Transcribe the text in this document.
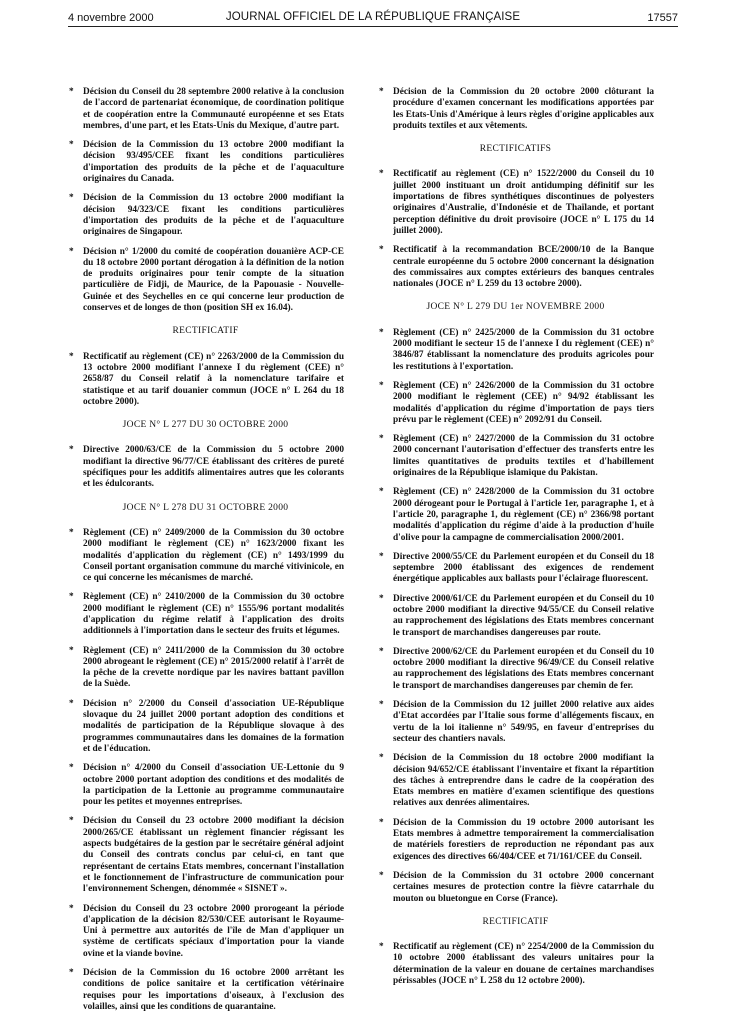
4 novembre 2000	JOURNAL OFFICIEL DE LA RÉPUBLIQUE FRANÇAISE	17557
* Décision du Conseil du 28 septembre 2000 relative à la conclusion de l'accord de partenariat économique, de coordination politique et de coopération entre la Communauté européenne et ses Etats membres, d'une part, et les Etats-Unis du Mexique, d'autre part.
* Décision de la Commission du 13 octobre 2000 modifiant la décision 93/495/CEE fixant les conditions particulières d'importation des produits de la pêche et de l'aquaculture originaires du Canada.
* Décision de la Commission du 13 octobre 2000 modifiant la décision 94/323/CE fixant les conditions particulières d'importation des produits de la pêche et de l'aquaculture originaires de Singapour.
* Décision n° 1/2000 du comité de coopération douanière ACP-CE du 18 octobre 2000 portant dérogation à la définition de la notion de produits originaires pour tenir compte de la situation particulière de Fidji, de Maurice, de la Papouasie - Nouvelle-Guinée et des Seychelles en ce qui concerne leur production de conserves et de longes de thon (position SH ex 16.04).
RECTIFICATIF
* Rectificatif au règlement (CE) n° 2263/2000 de la Commission du 13 octobre 2000 modifiant l'annexe I du règlement (CEE) n° 2658/87 du Conseil relatif à la nomenclature tarifaire et statistique et au tarif douanier commun (JOCE n° L 264 du 18 octobre 2000).
JOCE N° L 277 DU 30 OCTOBRE 2000
* Directive 2000/63/CE de la Commission du 5 octobre 2000 modifiant la directive 96/77/CE établissant des critères de pureté spécifiques pour les additifs alimentaires autres que les colorants et les édulcorants.
JOCE N° L 278 DU 31 OCTOBRE 2000
* Règlement (CE) n° 2409/2000 de la Commission du 30 octobre 2000 modifiant le règlement (CE) n° 1623/2000 fixant les modalités d'application du règlement (CE) n° 1493/1999 du Conseil portant organisation commune du marché vitivinicole, en ce qui concerne les mécanismes de marché.
* Règlement (CE) n° 2410/2000 de la Commission du 30 octobre 2000 modifiant le règlement (CE) n° 1555/96 portant modalités d'application du régime relatif à l'application des droits additionnels à l'importation dans le secteur des fruits et légumes.
* Règlement (CE) n° 2411/2000 de la Commission du 30 octobre 2000 abrogeant le règlement (CE) n° 2015/2000 relatif à l'arrêt de la pêche de la crevette nordique par les navires battant pavillon de la Suède.
* Décision n° 2/2000 du Conseil d'association UE-République slovaque du 24 juillet 2000 portant adoption des conditions et modalités de participation de la République slovaque à des programmes communautaires dans les domaines de la formation et de l'éducation.
* Décision n° 4/2000 du Conseil d'association UE-Lettonie du 9 octobre 2000 portant adoption des conditions et des modalités de la participation de la Lettonie au programme communautaire pour les petites et moyennes entreprises.
* Décision du Conseil du 23 octobre 2000 modifiant la décision 2000/265/CE établissant un règlement financier régissant les aspects budgétaires de la gestion par le secrétaire général adjoint du Conseil des contrats conclus par celui-ci, en tant que représentant de certains Etats membres, concernant l'installation et le fonctionnement de l'infrastructure de communication pour l'environnement Schengen, dénommée « SISNET ».
* Décision du Conseil du 23 octobre 2000 prorogeant la période d'application de la décision 82/530/CEE autorisant le Royaume-Uni à permettre aux autorités de l'île de Man d'appliquer un système de certificats spéciaux d'importation pour la viande ovine et la viande bovine.
* Décision de la Commission du 16 octobre 2000 arrêtant les conditions de police sanitaire et la certification vétérinaire requises pour les importations d'oiseaux, à l'exclusion des volailles, ainsi que les conditions de quarantaine.
* Décision de la Commission du 20 octobre 2000 clôturant la procédure d'examen concernant les modifications apportées par les Etats-Unis d'Amérique à leurs règles d'origine applicables aux produits textiles et aux vêtements.
RECTIFICATIFS
* Rectificatif au règlement (CE) n° 1522/2000 du Conseil du 10 juillet 2000 instituant un droit antidumping définitif sur les importations de fibres synthétiques discontinues de polyesters originaires d'Australie, d'Indonésie et de Thaïlande, et portant perception définitive du droit provisoire (JOCE n° L 175 du 14 juillet 2000).
* Rectificatif à la recommandation BCE/2000/10 de la Banque centrale européenne du 5 octobre 2000 concernant la désignation des commissaires aux comptes extérieurs des banques centrales nationales (JOCE n° L 259 du 13 octobre 2000).
JOCE N° L 279 DU 1er NOVEMBRE 2000
* Règlement (CE) n° 2425/2000 de la Commission du 31 octobre 2000 modifiant le secteur 15 de l'annexe I du règlement (CEE) n° 3846/87 établissant la nomenclature des produits agricoles pour les restitutions à l'exportation.
* Règlement (CE) n° 2426/2000 de la Commission du 31 octobre 2000 modifiant le règlement (CEE) n° 94/92 établissant les modalités d'application du régime d'importation de pays tiers prévu par le règlement (CEE) n° 2092/91 du Conseil.
* Règlement (CE) n° 2427/2000 de la Commission du 31 octobre 2000 concernant l'autorisation d'effectuer des transferts entre les limites quantitatives de produits textiles et d'habillement originaires de la République islamique du Pakistan.
* Règlement (CE) n° 2428/2000 de la Commission du 31 octobre 2000 dérogeant pour le Portugal à l'article 1er, paragraphe 1, et à l'article 20, paragraphe 1, du règlement (CE) n° 2366/98 portant modalités d'application du régime d'aide à la production d'huile d'olive pour la campagne de commercialisation 2000/2001.
* Directive 2000/55/CE du Parlement européen et du Conseil du 18 septembre 2000 établissant des exigences de rendement énergétique applicables aux ballasts pour l'éclairage fluorescent.
* Directive 2000/61/CE du Parlement européen et du Conseil du 10 octobre 2000 modifiant la directive 94/55/CE du Conseil relative au rapprochement des législations des Etats membres concernant le transport de marchandises dangereuses par route.
* Directive 2000/62/CE du Parlement européen et du Conseil du 10 octobre 2000 modifiant la directive 96/49/CE du Conseil relative au rapprochement des législations des Etats membres concernant le transport de marchandises dangereuses par chemin de fer.
* Décision de la Commission du 12 juillet 2000 relative aux aides d'Etat accordées par l'Italie sous forme d'allégements fiscaux, en vertu de la loi italienne n° 549/95, en faveur d'entreprises du secteur des chantiers navals.
* Décision de la Commission du 18 octobre 2000 modifiant la décision 94/652/CE établissant l'inventaire et fixant la répartition des tâches à entreprendre dans le cadre de la coopération des Etats membres en matière d'examen scientifique des questions relatives aux denrées alimentaires.
* Décision de la Commission du 19 octobre 2000 autorisant les Etats membres à admettre temporairement la commercialisation de matériels forestiers de reproduction ne répondant pas aux exigences des directives 66/404/CEE et 71/161/CEE du Conseil.
* Décision de la Commission du 31 octobre 2000 concernant certaines mesures de protection contre la fièvre catarrhale du mouton ou bluetongue en Corse (France).
RECTIFICATIF
* Rectificatif au règlement (CE) n° 2254/2000 de la Commission du 10 octobre 2000 établissant des valeurs unitaires pour la détermination de la valeur en douane de certaines marchandises périssables (JOCE n° L 258 du 12 octobre 2000).
